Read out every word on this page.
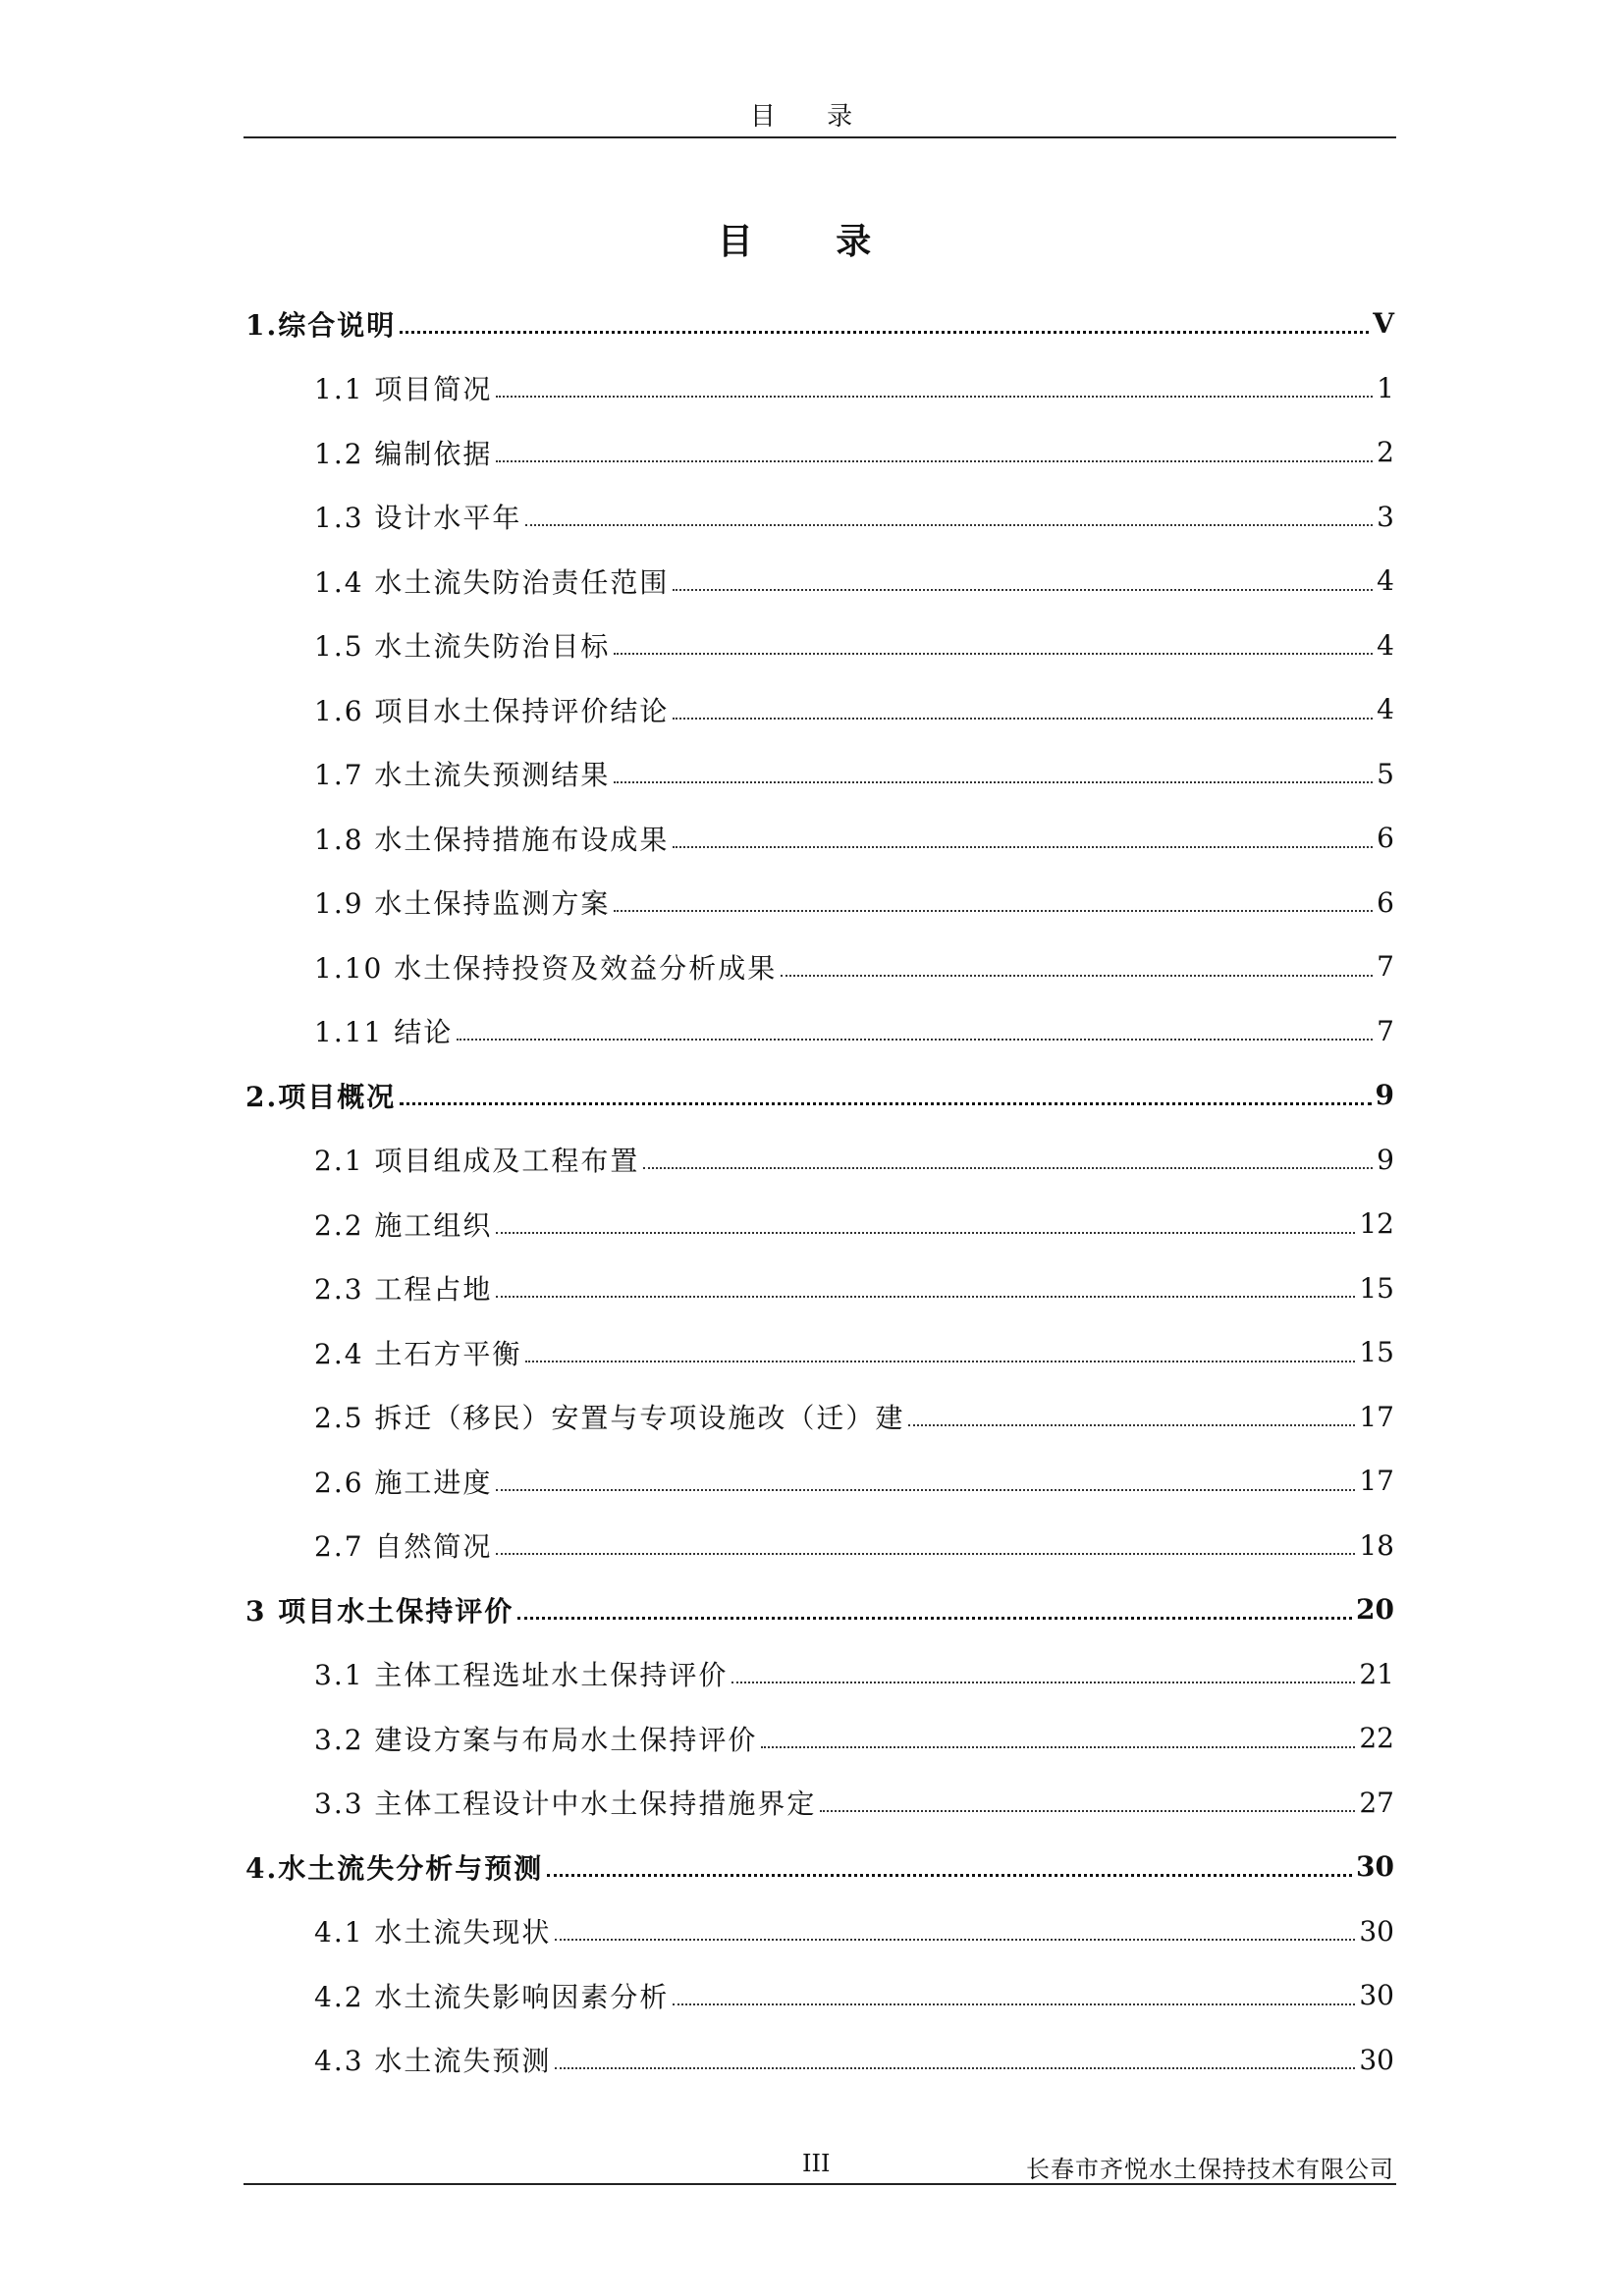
目 录
目 录
1.综合说明	V
1.1 项目简况	1
1.2 编制依据	2
1.3 设计水平年	3
1.4 水土流失防治责任范围	4
1.5 水土流失防治目标	4
1.6 项目水土保持评价结论	4
1.7 水土流失预测结果	5
1.8 水土保持措施布设成果	6
1.9 水土保持监测方案	6
1.10 水土保持投资及效益分析成果	7
1.11 结论	7
2.项目概况	9
2.1 项目组成及工程布置	9
2.2 施工组织	12
2.3 工程占地	15
2.4 土石方平衡	15
2.5 拆迁（移民）安置与专项设施改（迁）建	17
2.6 施工进度	17
2.7 自然简况	18
3 项目水土保持评价	20
3.1 主体工程选址水土保持评价	21
3.2 建设方案与布局水土保持评价	22
3.3 主体工程设计中水土保持措施界定	27
4.水土流失分析与预测	30
4.1 水土流失现状	30
4.2 水土流失影响因素分析	30
4.3 水土流失预测	30
III	长春市齐悦水土保持技术有限公司
